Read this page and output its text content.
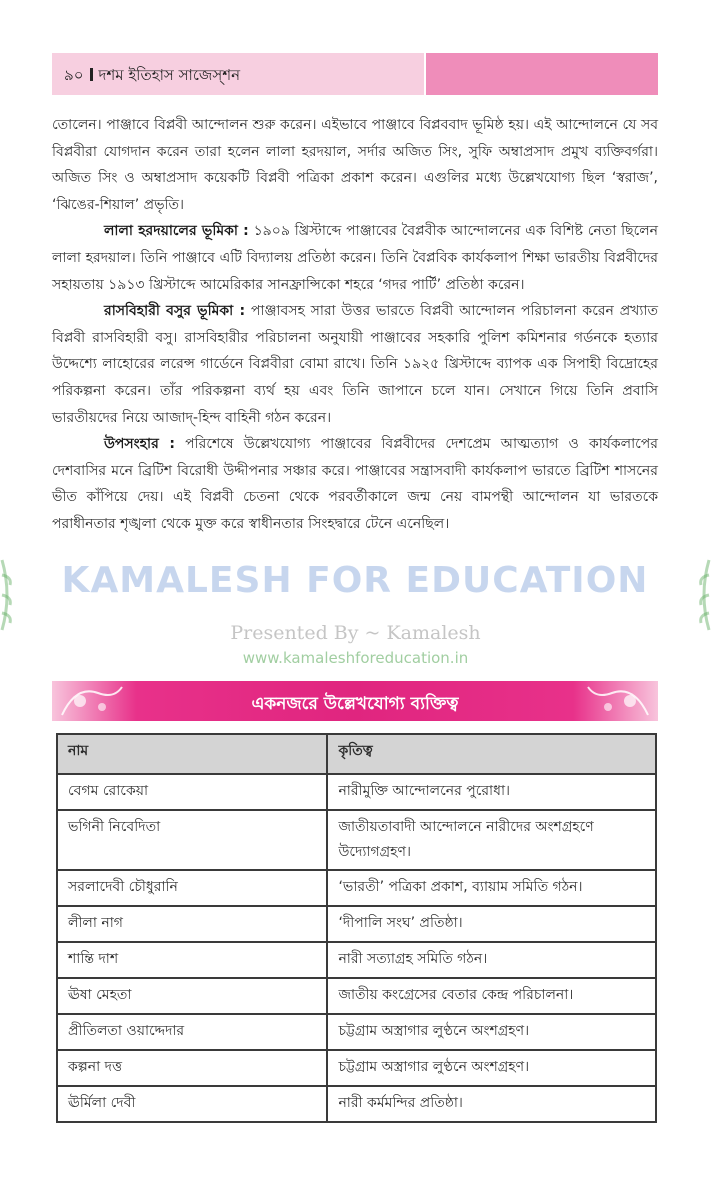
৯০ দশম ইতিহাস সাজেস্শন

তোলেন। পাঞ্জাবে বিপ্লবী আন্দোলন শুরু করেন। এইভাবে পাঞ্জাবে বিপ্লববাদ ভূমিষ্ঠ হয়। এই আন্দোলনে যে সব বিপ্লবীরা যোগদান করেন তারা হলেন লালা হরদয়াল, সর্দার অজিত সিং, সুফি অম্বাপ্রসাদ প্রমুখ ব্যক্তিবর্গরা। অজিত সিং ও অম্বাপ্রসাদ কয়েকটি বিপ্লবী পত্রিকা প্রকাশ করেন। এগুলির মধ্যে উল্লেখযোগ্য ছিল ‘স্বরাজ’, ‘ঝিঙের-শিয়াল’ প্রভৃতি।

লালা হরদয়ালের ভূমিকা : ১৯০৯ খ্রিস্টাব্দে পাঞ্জাবের বৈপ্লবীক আন্দোলনের এক বিশিষ্ট নেতা ছিলেন লালা হরদয়াল। তিনি পাঞ্জাবে এটি বিদ্যালয় প্রতিষ্ঠা করেন। তিনি বৈপ্লবিক কার্যকলাপ শিক্ষা ভারতীয় বিপ্লবীদের সহায়তায় ১৯১৩ খ্রিস্টাব্দে আমেরিকার সানফ্রান্সিকো শহরে ‘গদর পার্টি’ প্রতিষ্ঠা করেন।

রাসবিহারী বসুর ভূমিকা : পাঞ্জাবসহ সারা উত্তর ভারতে বিপ্লবী আন্দোলন পরিচালনা করেন প্রখ্যাত বিপ্লবী রাসবিহারী বসু। রাসবিহারীর পরিচালনা অনুযায়ী পাঞ্জাবের সহকারি পুলিশ কমিশনার গর্ডনকে হত্যার উদ্দেশ্যে লাহোরের লরেন্স গার্ডেনে বিপ্লবীরা বোমা রাখে। তিনি ১৯২৫ খ্রিস্টাব্দে ব্যাপক এক সিপাহী বিদ্রোহের পরিকল্পনা করেন। তাঁর পরিকল্পনা ব্যর্থ হয় এবং তিনি জাপানে চলে যান। সেখানে গিয়ে তিনি প্রবাসি ভারতীয়দের নিয়ে আজাদ্‌-হিন্দ বাহিনী গঠন করেন।

উপসংহার : পরিশেষে উল্লেখযোগ্য পাঞ্জাবের বিপ্লবীদের দেশপ্রেম আত্মত্যাগ ও কার্যকলাপের দেশবাসির মনে ব্রিটিশ বিরোধী উদ্দীপনার সঞ্চার করে। পাঞ্জাবের সন্ত্রাসবাদী কার্যকলাপ ভারতে ব্রিটিশ শাসনের ভীত কাঁপিয়ে দেয়। এই বিপ্লবী চেতনা থেকে পরবর্তীকালে জন্ম নেয় বামপন্থী আন্দোলন যা ভারতকে পরাধীনতার শৃঙ্খলা থেকে মুক্ত করে স্বাধীনতার সিংহদ্বারে টেনে এনেছিল।

KAMALESH FOR EDUCATION
Presented By ~ Kamalesh
www.kamaleshforeducation.in
একনজরে উল্লেখযোগ্য ব্যক্তিত্ব
নাম	কৃতিত্ব
বেগম রোকেয়া	নারীমুক্তি আন্দোলনের পুরোধা।
ভগিনী নিবেদিতা	জাতীয়তাবাদী আন্দোলনে নারীদের অংশগ্রহণে উদ্যোগগ্রহণ।
সরলাদেবী চৌধুরানি	‘ভারতী’ পত্রিকা প্রকাশ, ব্যায়াম সমিতি গঠন।
লীলা নাগ	‘দীপালি সংঘ’ প্রতিষ্ঠা।
শান্তি দাশ	নারী সত্যাগ্রহ সমিতি গঠন।
ঊষা মেহতা	জাতীয় কংগ্রেসের বেতার কেন্দ্র পরিচালনা।
প্রীতিলতা ওয়াদ্দেদার	চট্টগ্রাম অস্ত্রাগার লুণ্ঠনে অংশগ্রহণ।
কল্পনা দত্ত	চট্টগ্রাম অস্ত্রাগার লুণ্ঠনে অংশগ্রহণ।
ঊর্মিলা দেবী	নারী কর্মমন্দির প্রতিষ্ঠা।
